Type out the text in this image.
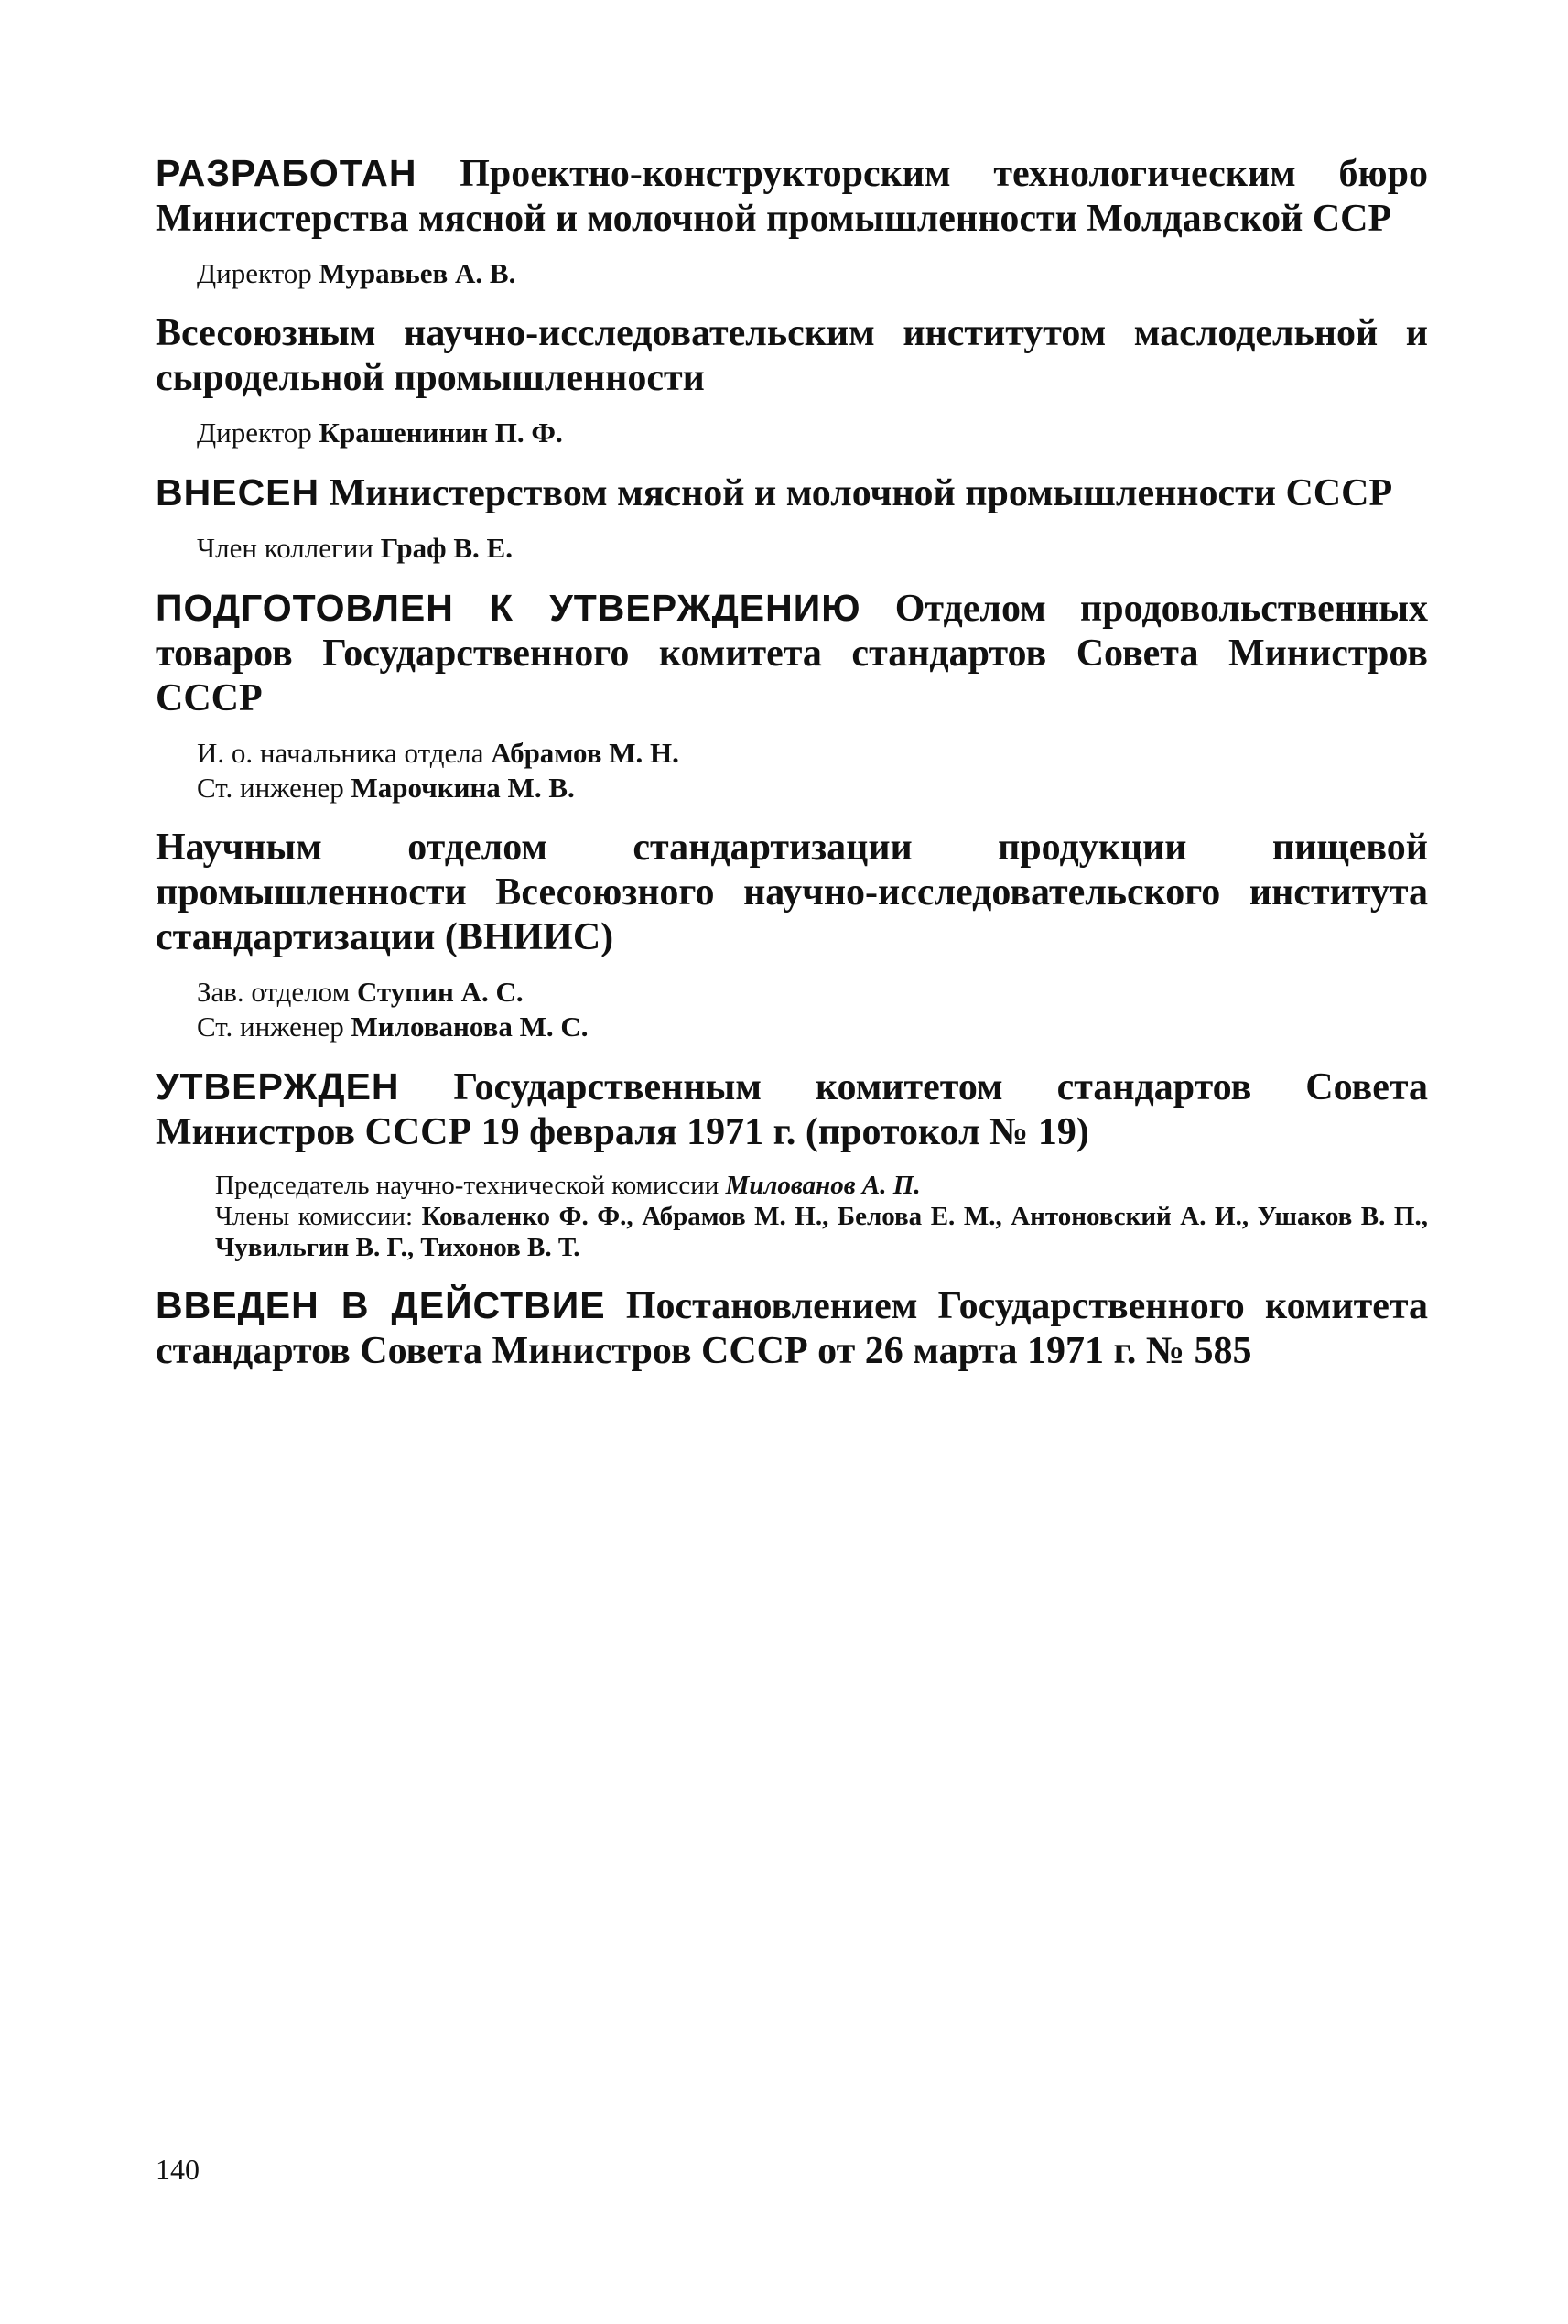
РАЗРАБОТАН Проектно-конструкторским технологическим бюро Министерства мясной и молочной промышленности Молдавской ССР

Директор Муравьев А. В.

Всесоюзным научно-исследовательским институтом маслодельной и сыродельной промышленности

Директор Крашенинин П. Ф.

ВНЕСЕН Министерством мясной и молочной промышленности СССР

Член коллегии Граф В. Е.

ПОДГОТОВЛЕН К УТВЕРЖДЕНИЮ Отделом продовольственных товаров Государственного комитета стандартов Совета Министров СССР

И. о. начальника отдела Абрамов М. Н.

Ст. инженер Марочкина М. В.

Научным отделом стандартизации продукции пищевой промышленности Всесоюзного научно-исследовательского института стандартизации (ВНИИС)

Зав. отделом Ступин А. С.

Ст. инженер Милованова М. С.

УТВЕРЖДЕН Государственным комитетом стандартов Совета Министров СССР 19 февраля 1971 г. (протокол № 19)

Председатель научно-технической комиссии Милованов А. П.

Члены комиссии: Коваленко Ф. Ф., Абрамов М. Н., Белова Е. М., Антоновский А. И., Ушаков В. П., Чувильгин В. Г., Тихонов В. Т.

ВВЕДЕН В ДЕЙСТВИЕ Постановлением Государственного комитета стандартов Совета Министров СССР от 26 марта 1971 г. № 585

140
